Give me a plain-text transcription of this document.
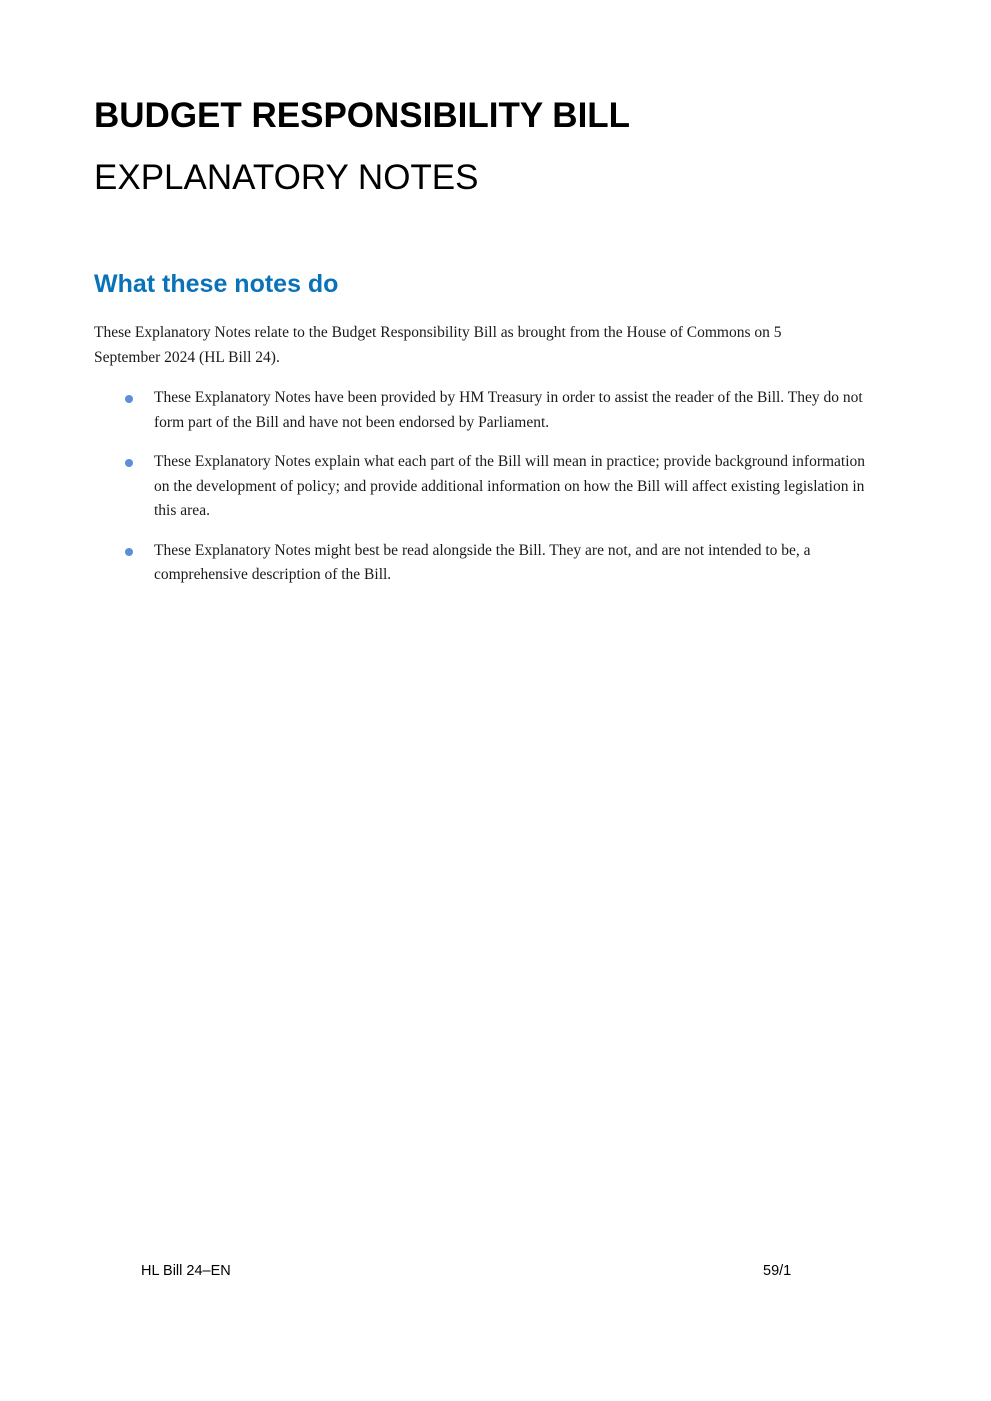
BUDGET RESPONSIBILITY BILL
EXPLANATORY NOTES
What these notes do

These Explanatory Notes relate to the Budget Responsibility Bill as brought from the House of Commons on 5 September 2024 (HL Bill 24).

These Explanatory Notes have been provided by HM Treasury in order to assist the reader of the Bill. They do not form part of the Bill and have not been endorsed by Parliament.
These Explanatory Notes explain what each part of the Bill will mean in practice; provide background information on the development of policy; and provide additional information on how the Bill will affect existing legislation in this area.
These Explanatory Notes might best be read alongside the Bill. They are not, and are not intended to be, a comprehensive description of the Bill.
HL Bill 24–EN	59/1
